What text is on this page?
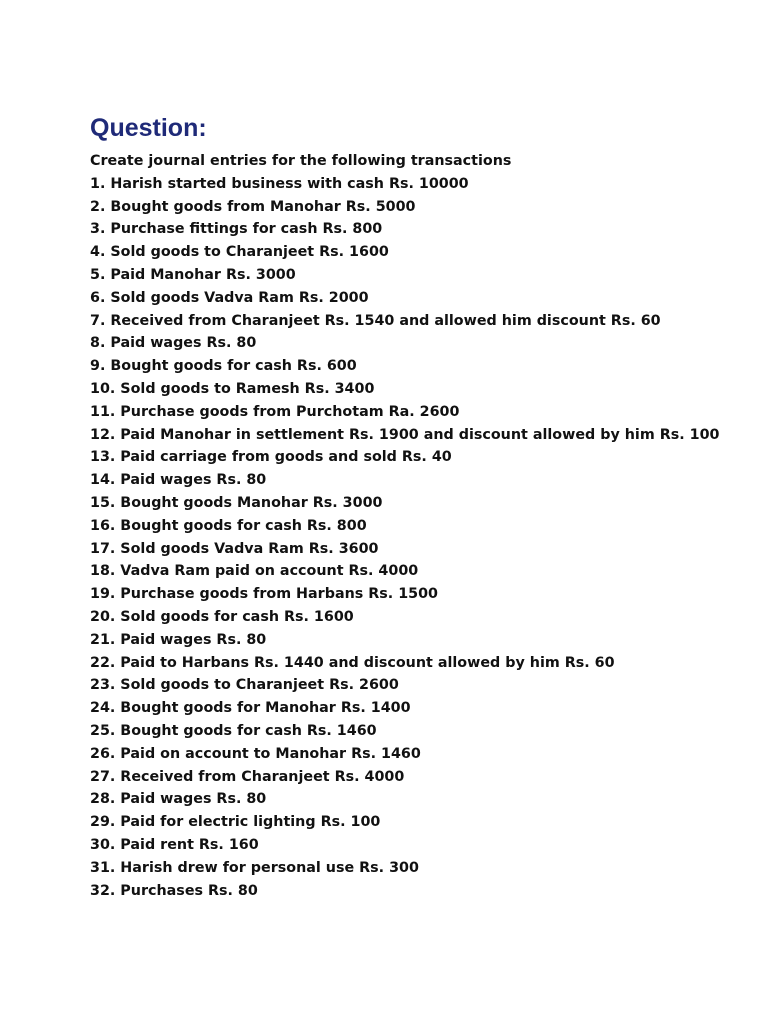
Question:

Create journal entries for the following transactions

1. Harish started business with cash Rs. 10000
2. Bought goods from Manohar Rs. 5000
3. Purchase fittings for cash Rs. 800
4. Sold goods to Charanjeet Rs. 1600
5. Paid Manohar Rs. 3000
6. Sold goods Vadva Ram Rs. 2000
7. Received from Charanjeet Rs. 1540 and allowed him discount Rs. 60
8. Paid wages Rs. 80
9. Bought goods for cash Rs. 600
10. Sold goods to Ramesh Rs. 3400
11. Purchase goods from Purchotam Ra. 2600
12. Paid Manohar in settlement Rs. 1900 and discount allowed by him Rs. 100
13. Paid carriage from goods and sold Rs. 40
14. Paid wages Rs. 80
15. Bought goods Manohar Rs. 3000
16. Bought goods for cash Rs. 800
17. Sold goods Vadva Ram Rs. 3600
18. Vadva Ram paid on account Rs. 4000
19. Purchase goods from Harbans Rs. 1500
20. Sold goods for cash Rs. 1600
21. Paid wages Rs. 80
22. Paid to Harbans Rs. 1440 and discount allowed by him Rs. 60
23. Sold goods to Charanjeet Rs. 2600
24. Bought goods for Manohar Rs. 1400
25. Bought goods for cash Rs. 1460
26. Paid on account to Manohar Rs. 1460
27. Received from Charanjeet Rs. 4000
28. Paid wages Rs. 80
29. Paid for electric lighting Rs. 100
30. Paid rent Rs. 160
31. Harish drew for personal use Rs. 300
32. Purchases Rs. 80
